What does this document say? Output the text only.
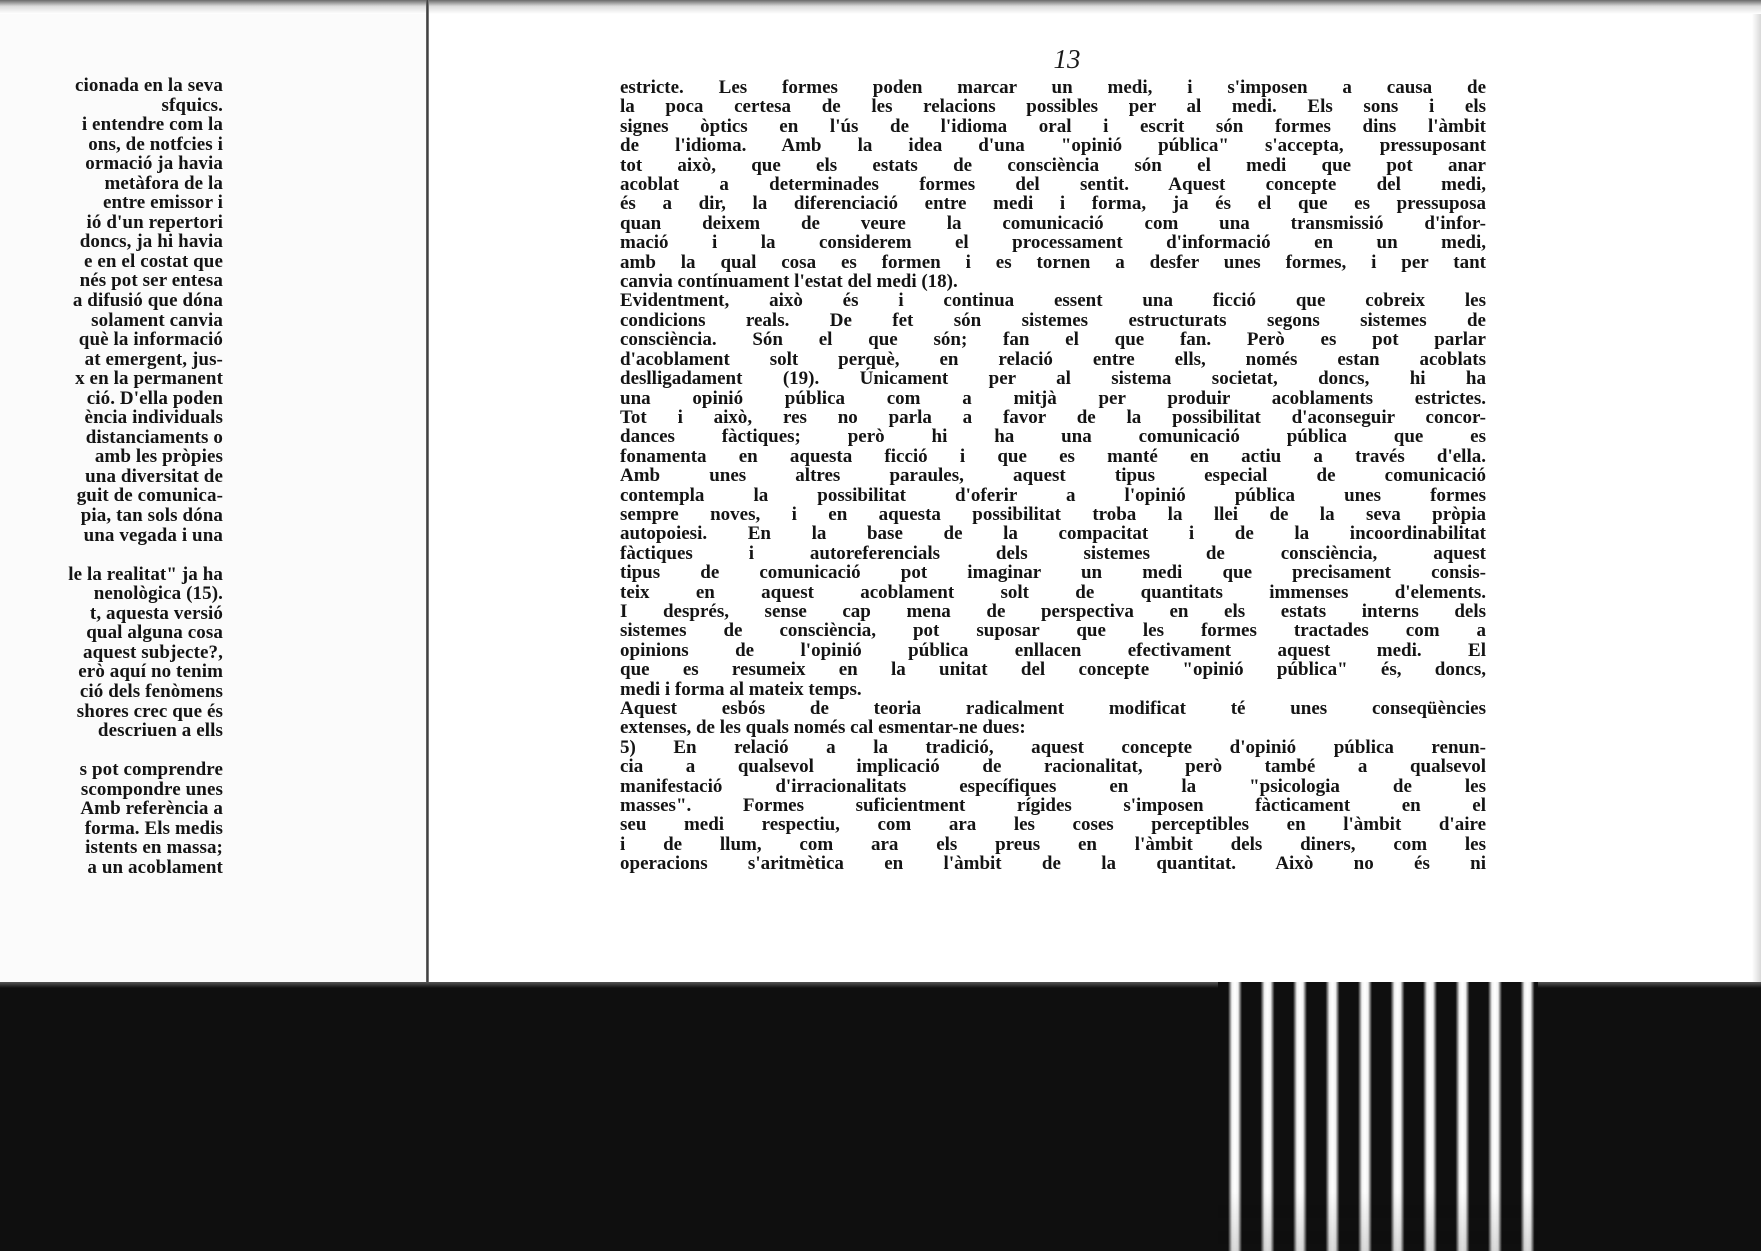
cionada en la seva
sfquics.
i entendre com la
ons, de notfcies i
ormació ja havia
metàfora de la
entre emissor i
ió d'un repertori
doncs, ja hi havia
e en el costat que
nés pot ser entesa
a difusió que dóna
solament canvia
què la informació
at emergent, jus-
x en la permanent
ció. D'ella poden
ència individuals
distanciaments o
amb les pròpies
una diversitat de
guit de comunica-
pia, tan sols dóna
una vegada i una
le la realitat" ja ha
nenològica (15).
t, aquesta versió
qual alguna cosa
aquest subjecte?,
erò aquí no tenim
ció dels fenòmens
shores crec que és
descriuen a ells
s pot comprendre
scompondre unes
Amb referència a
forma. Els medis
istents en massa;
a un acoblament
13
estricte. Les formes poden marcar un medi, i s'imposen a causa de
la poca certesa de les relacions possibles per al medi. Els sons i els
signes òptics en l'ús de l'idioma oral i escrit són formes dins l'àmbit
de l'idioma. Amb la idea d'una "opinió pública" s'accepta, pressuposant
tot això, que els estats de consciència són el medi que pot anar
acoblat a determinades formes del sentit. Aquest concepte del medi,
és a dir, la diferenciació entre medi i forma, ja és el que es pressuposa
quan deixem de veure la comunicació com una transmissió d'infor-
mació i la considerem el processament d'informació en un medi,
amb la qual cosa es formen i es tornen a desfer unes formes, i per tant
canvia contínuament l'estat del medi (18).
Evidentment, això és i continua essent una ficció que cobreix les
condicions reals. De fet són sistemes estructurats segons sistemes de
consciència. Són el que són; fan el que fan. Però es pot parlar
d'acoblament solt perquè, en relació entre ells, només estan acoblats
deslligadament (19). Únicament per al sistema societat, doncs, hi ha
una opinió pública com a mitjà per produir acoblaments estrictes.
Tot i això, res no parla a favor de la possibilitat d'aconseguir concor-
dances fàctiques; però hi ha una comunicació pública que es
fonamenta en aquesta ficció i que es manté en actiu a través d'ella.
Amb unes altres paraules, aquest tipus especial de comunicació
contempla la possibilitat d'oferir a l'opinió pública unes formes
sempre noves, i en aquesta possibilitat troba la llei de la seva pròpia
autopoiesi. En la base de la compacitat i de la incoordinabilitat
fàctiques i autoreferencials dels sistemes de consciència, aquest
tipus de comunicació pot imaginar un medi que precisament consis-
teix en aquest acoblament solt de quantitats immenses d'elements.
I després, sense cap mena de perspectiva en els estats interns dels
sistemes de consciència, pot suposar que les formes tractades com a
opinions de l'opinió pública enllacen efectivament aquest medi. El
que es resumeix en la unitat del concepte "opinió pública" és, doncs,
medi i forma al mateix temps.
Aquest esbós de teoria radicalment modificat té unes conseqüències
extenses, de les quals només cal esmentar-ne dues:
5) En relació a la tradició, aquest concepte d'opinió pública renun-
cia a qualsevol implicació de racionalitat, però també a qualsevol
manifestació d'irracionalitats específiques en la "psicologia de les
masses". Formes suficientment rígides s'imposen fàcticament en el
seu medi respectiu, com ara les coses perceptibles en l'àmbit d'aire
i de llum, com ara els preus en l'àmbit dels diners, com les
operacions s'aritmètica en l'àmbit de la quantitat. Això no és ni
